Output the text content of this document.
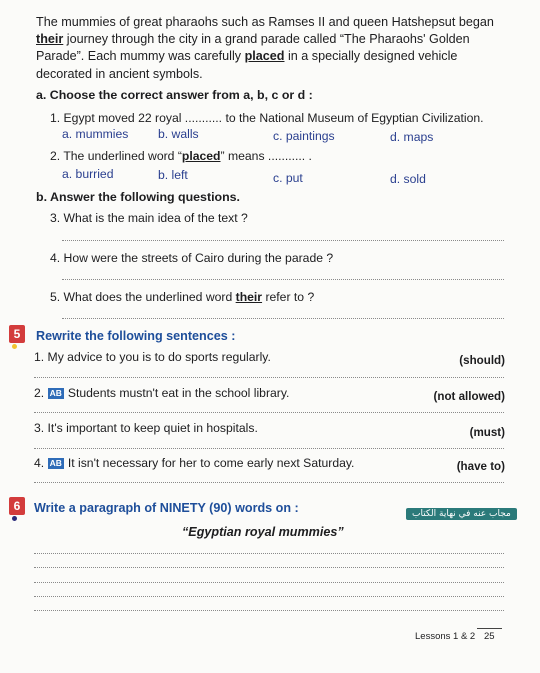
The mummies of great pharaohs such as Ramses II and queen Hatshepsut began their journey through the city in a grand parade called “The Pharaohs' Golden Parade”. Each mummy was carefully placed in a specially designed vehicle decorated in ancient symbols.
a. Choose the correct answer from a, b, c or d :
1. Egypt moved 22 royal ........... to the National Museum of Egyptian Civilization.
a. mummies b. walls	c. paintings	d. maps
2. The underlined word “placed” means ........... .
a. burried	b. left	c. put	d. sold
b. Answer the following questions.
3. What is the main idea of the text ?
4. How were the streets of Cairo during the parade ?
5. What does the underlined word their refer to ?
5	Rewrite the following sentences :
1. My advice to you is to do sports regularly.	(should)
2. AB Students mustn't eat in the school library.	(not allowed)
3. It's important to keep quiet in hospitals.	(must)
4. AB It isn't necessary for her to come early next Saturday.	(have to)
6	Write a paragraph of NINETY (90) words on :	مجاب عنه في نهاية الكتاب
“Egyptian royal mummies”
Lessons 1 & 2 25
